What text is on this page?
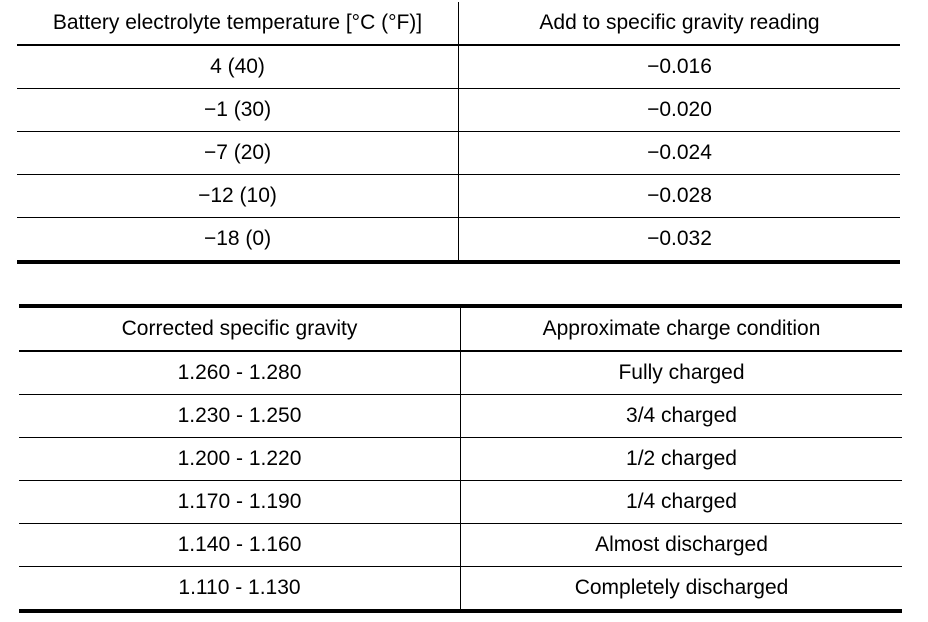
Battery electrolyte temperature [°C (°F)]	Add to specific gravity reading
4 (40)	−0.016
−1 (30)	−0.020
−7 (20)	−0.024
−12 (10)	−0.028
−18 (0)	−0.032
Corrected specific gravity	Approximate charge condition
1.260 - 1.280	Fully charged
1.230 - 1.250	3/4 charged
1.200 - 1.220	1/2 charged
1.170 - 1.190	1/4 charged
1.140 - 1.160	Almost discharged
1.110 - 1.130	Completely discharged
